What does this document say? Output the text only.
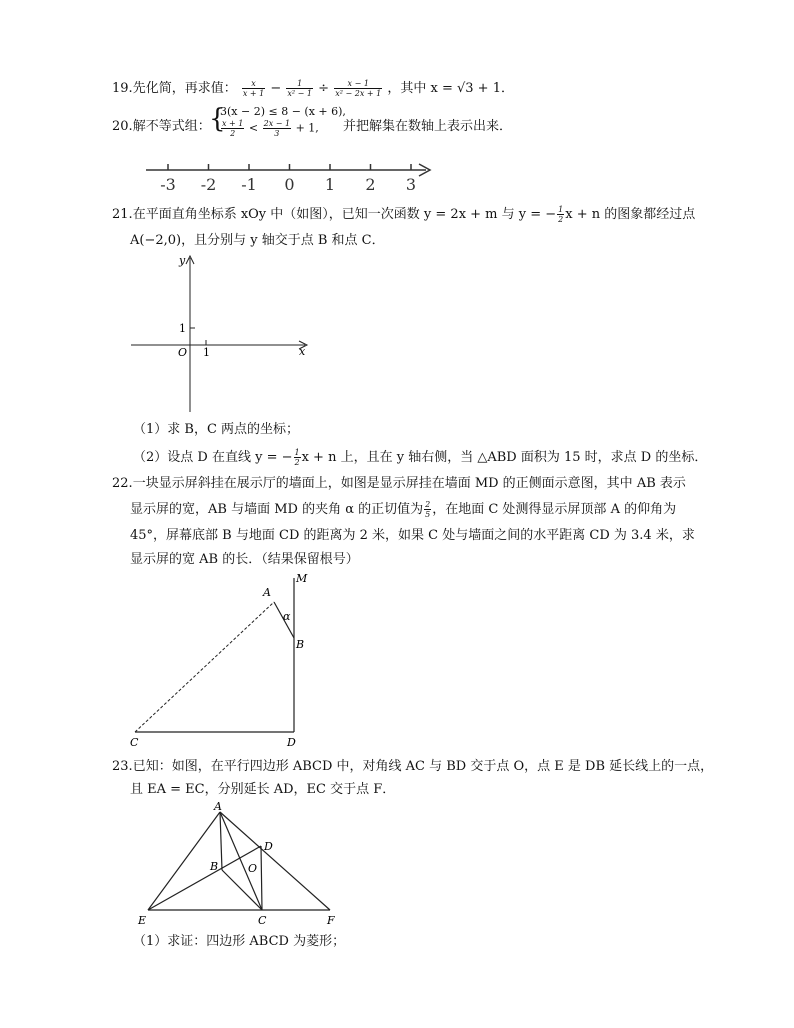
19.先化简，再求值： $\frac{x}{x + 1} - \frac{1}{\text{x² − 1}} \div \frac{x - 1}{\text{x² − 2x + 1}}$ ，其中 x = √3 + 1．
20.解不等式组：
{
3(x − 2) ≤ 8 − (x + 6),
$\frac{x + 1}{2} < \frac{2x - 1}{3} + 1$, 并把解集在数轴上表示出来．
-3 -2 -1 0 1 2 3
21.在平面直角坐标系 xOy 中（如图），已知一次函数 y = 2x + m 与 y = − $\frac{1}{2}$ x + n 的图象都经过点
A(−2,0)，且分别与 y 轴交于点 B 和点 C．
y
x
O
1
1
（1）求 B，C 两点的坐标；
（2）设点 D 在直线 y = − $\frac{1}{2}$ x + n 上，且在 y 轴右侧，当 △ABD 面积为 15 时，求点 D 的坐标．
22.一块显示屏斜挂在展示厅的墙面上，如图是显示屏挂在墙面 MD 的正侧面示意图，其中 AB 表示
显示屏的宽，AB 与墙面 MD 的夹角 α 的正切值为 $\frac{2}{5}$ ，在地面 C 处测得显示屏顶部 A 的仰角为
45°，屏幕底部 B 与地面 CD 的距离为 2 米，如果 C 处与墙面之间的水平距离 CD 为 3.4 米，求
显示屏的宽 AB 的长．（结果保留根号）
M
A
α
B
C	D
23.已知：如图，在平行四边形 ABCD 中，对角线 AC 与 BD 交于点 O，点 E 是 DB 延长线上的一点，
且 EA = EC，分别延长 AD，EC 交于点 F．
A
B	O
D
E	C	F
（1）求证：四边形 ABCD 为菱形；
